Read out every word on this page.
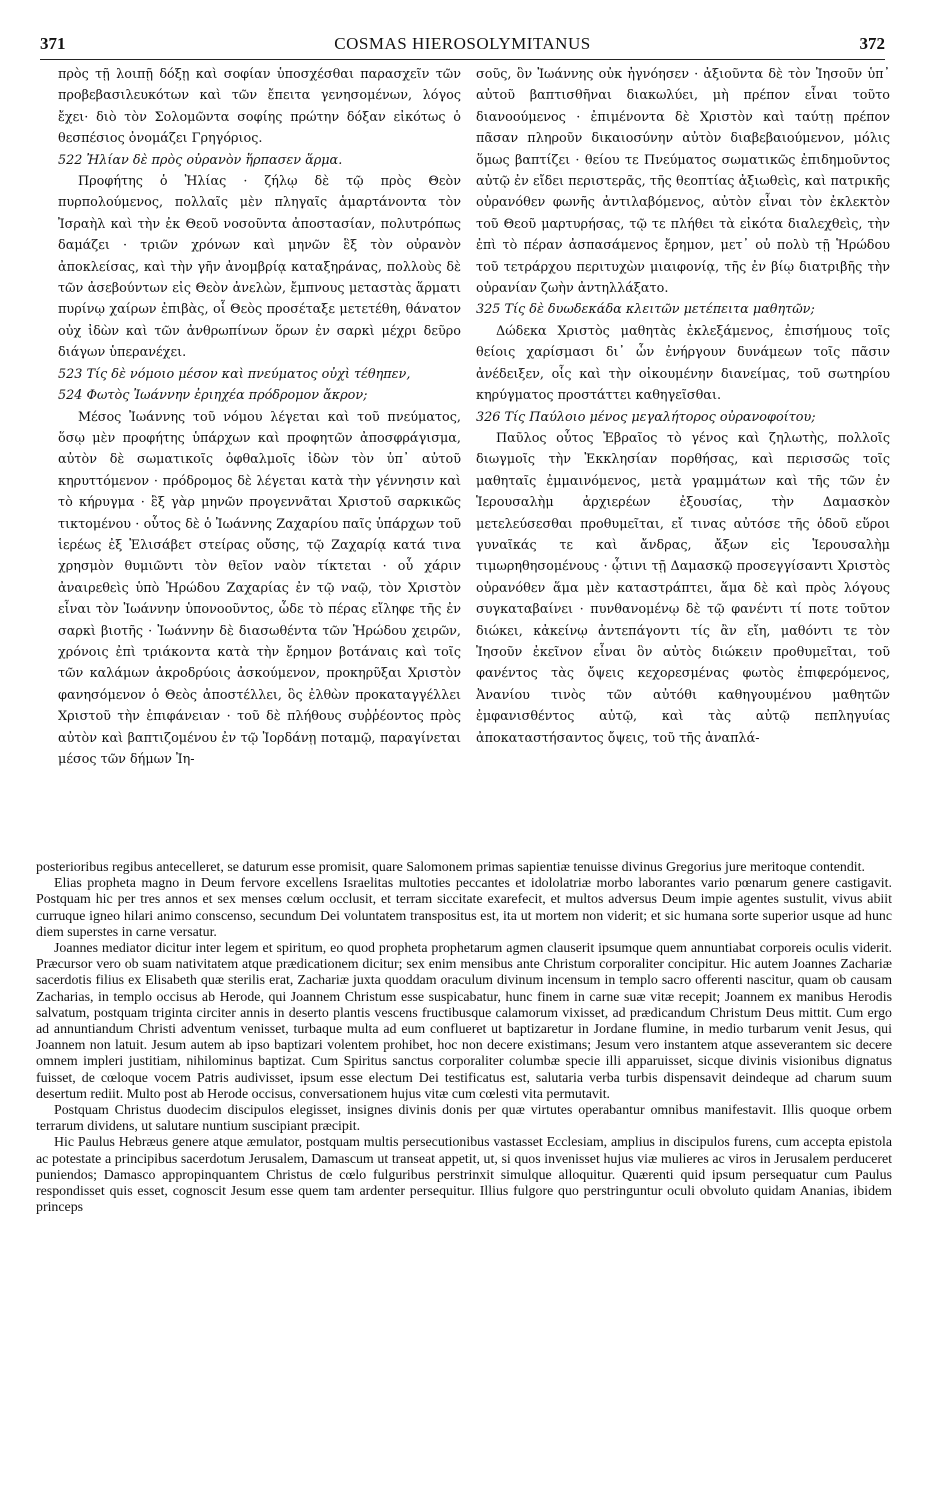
371	COSMAS HIEROSOLYMITANUS	372

πρὸς τῇ λοιπῇ δόξῃ καὶ σοφίαν ὑποσχέσθαι παρασχεῖν τῶν προβεβασιλευκότων καὶ τῶν ἔπειτα γενησομένων, λόγος ἔχει· διὸ τὸν Σολομῶντα σοφίης πρώτην δόξαν εἰκότως ὁ θεσπέσιος ὀνομάζει Γρηγόριος.

522 Ἠλίαν δὲ πρὸς οὐρανὸν ἥρπασεν ἅρμα.

Προφήτης ὁ Ἠλίας · ζήλῳ δὲ τῷ πρὸς Θεὸν πυρπολούμενος, πολλαῖς μὲν πληγαῖς ἁμαρτάνοντα τὸν Ἰσραὴλ καὶ τὴν ἐκ Θεοῦ νοσοῦντα ἀποστασίαν, πολυτρόπως δαμάζει · τριῶν χρόνων καὶ μηνῶν ἓξ τὸν οὐρανὸν ἀποκλείσας, καὶ τὴν γῆν ἀνομβρίᾳ καταξηράνας, πολλοὺς δὲ τῶν ἀσεβούντων εἰς Θεὸν ἀνελὼν, ἔμπνους μεταστὰς ἅρματι πυρίνῳ χαίρων ἐπιβὰς, οἷ Θεὸς προσέταξε μετετέθη, θάνατον οὐχ ἰδὼν καὶ τῶν ἀνθρωπίνων ὅρων ἐν σαρκὶ μέχρι δεῦρο διάγων ὑπερανέχει.

523 Τίς δὲ νόμοιο μέσον καὶ πνεύματος οὐχὶ τέθηπεν,

524 Φωτὸς Ἰωάννην ἐριηχέα πρόδρομον ἄκρον;

Μέσος Ἰωάννης τοῦ νόμου λέγεται καὶ τοῦ πνεύματος, ὅσῳ μὲν προφήτης ὑπάρχων καὶ προφητῶν ἀποσφράγισμα, αὐτὸν δὲ σωματικοῖς ὀφθαλμοῖς ἰδὼν τὸν ὑπ᾽ αὐτοῦ κηρυττόμενον · πρόδρομος δὲ λέγεται κατὰ τὴν γέννησιν καὶ τὸ κήρυγμα · ἓξ γὰρ μηνῶν προγεννᾶται Χριστοῦ σαρκικῶς τικτομένου · οὗτος δὲ ὁ Ἰωάννης Ζαχαρίου παῖς ὑπάρχων τοῦ ἱερέως ἐξ Ἐλισάβετ στείρας οὔσης, τῷ Ζαχαρίᾳ κατά τινα χρησμὸν θυμιῶντι τὸν θεῖον ναὸν τίκτεται · οὗ χάριν ἀναιρεθεὶς ὑπὸ Ἡρώδου Ζαχαρίας ἐν τῷ ναῷ, τὸν Χριστὸν εἶναι τὸν Ἰωάννην ὑπονοοῦντος, ὧδε τὸ πέρας εἴληφε τῆς ἐν σαρκὶ βιοτῆς · Ἰωάννην δὲ διασωθέντα τῶν Ἡρώδου χειρῶν, χρόνοις ἐπὶ τριάκοντα κατὰ τὴν ἔρημον βοτάναις καὶ τοῖς τῶν καλάμων ἀκροδρύοις ἀσκούμενον, προκηρῦξαι Χριστὸν φανησόμενον ὁ Θεὸς ἀποστέλλει, ὃς ἐλθὼν προκαταγγέλλει Χριστοῦ τὴν ἐπιφάνειαν · τοῦ δὲ πλήθους συῤῥέοντος πρὸς αὐτὸν καὶ βαπτιζομένου ἐν τῷ Ἰορδάνῃ ποταμῷ, παραγίνεται μέσος τῶν δήμων Ἰη-

σοῦς, ὃν Ἰωάννης οὐκ ἠγνόησεν · ἀξιοῦντα δὲ τὸν Ἰησοῦν ὑπ᾽ αὐτοῦ βαπτισθῆναι διακωλύει, μὴ πρέπον εἶναι τοῦτο διανοούμενος · ἐπιμένοντα δὲ Χριστὸν καὶ ταύτῃ πρέπον πᾶσαν πληροῦν δικαιοσύνην αὐτὸν διαβεβαιούμενον, μόλις ὅμως βαπτίζει · θείου τε Πνεύματος σωματικῶς ἐπιδημοῦντος αὐτῷ ἐν εἴδει περιστερᾶς, τῆς θεοπτίας ἀξιωθεὶς, καὶ πατρικῆς οὐρανόθεν φωνῆς ἀντιλαβόμενος, αὐτὸν εἶναι τὸν ἐκλεκτὸν τοῦ Θεοῦ μαρτυρήσας, τῷ τε πλήθει τὰ εἰκότα διαλεχθεὶς, τὴν ἐπὶ τὸ πέραν ἀσπασάμενος ἔρημον, μετ᾽ οὐ πολὺ τῇ Ἡρώδου τοῦ τετράρχου περιτυχὼν μιαιφονίᾳ, τῆς ἐν βίῳ διατριβῆς τὴν οὐρανίαν ζωὴν ἀντηλλάξατο.

325 Τίς δὲ δυωδεκάδα κλειτῶν μετέπειτα μαθητῶν;

Δώδεκα Χριστὸς μαθητὰς ἐκλεξάμενος, ἐπισήμους τοῖς θείοις χαρίσμασι δι᾽ ὧν ἐνήργουν δυνάμεων τοῖς πᾶσιν ἀνέδειξεν, οἷς καὶ τὴν οἰκουμένην διανείμας, τοῦ σωτηρίου κηρύγματος προστάττει καθηγεῖσθαι.

326 Τίς Παύλοιο μένος μεγαλήτορος οὐρανοφοίτου;

Παῦλος οὗτος Ἑβραῖος τὸ γένος καὶ ζηλωτὴς, πολλοῖς διωγμοῖς τὴν Ἐκκλησίαν πορθήσας, καὶ περισσῶς τοῖς μαθηταῖς ἐμμαινόμενος, μετὰ γραμμάτων καὶ τῆς τῶν ἐν Ἱερουσαλὴμ ἀρχιερέων ἐξουσίας, τὴν Δαμασκὸν μετελεύσεσθαι προθυμεῖται, εἴ τινας αὐτόσε τῆς ὁδοῦ εὕροι γυναῖκάς τε καὶ ἄνδρας, ἄξων εἰς Ἱερουσαλὴμ τιμωρηθησομένους · ᾧτινι τῇ Δαμασκῷ προσεγγίσαντι Χριστὸς οὐρανόθεν ἅμα μὲν καταστράπτει, ἅμα δὲ καὶ πρὸς λόγους συγκαταβαίνει · πυνθανομένῳ δὲ τῷ φανέντι τί ποτε τοῦτον διώκει, κἀκείνῳ ἀντεπάγοντι τίς ἂν εἴη, μαθόντι τε τὸν Ἰησοῦν ἐκεῖνον εἶναι ὃν αὐτὸς διώκειν προθυμεῖται, τοῦ φανέντος τὰς ὄψεις κεχορεσμένας φωτὸς ἐπιφερόμενος, Ἀνανίου τινὸς τῶν αὐτόθι καθηγουμένου μαθητῶν ἐμφανισθέντος αὐτῷ, καὶ τὰς αὐτῷ πεπληγυίας ἀποκαταστήσαντος ὄψεις, τοῦ τῆς ἀναπλά-

posterioribus regibus antecelleret, se daturum esse promisit, quare Salomonem primas sapientiæ tenuisse divinus Gregorius jure meritoque contendit.

Elias propheta magno in Deum fervore excellens Israelitas multoties peccantes et idololatriæ morbo laborantes vario pœnarum genere castigavit. Postquam hic per tres annos et sex menses cœlum occlusit, et terram siccitate exarefecit, et multos adversus Deum impie agentes sustulit, vivus abiit curruque igneo hilari animo conscenso, secundum Dei voluntatem transpositus est, ita ut mortem non viderit; et sic humana sorte superior usque ad hunc diem superstes in carne versatur.

Joannes mediator dicitur inter legem et spiritum, eo quod propheta prophetarum agmen clauserit ipsumque quem annuntiabat corporeis oculis viderit. Præcursor vero ob suam nativitatem atque prædicationem dicitur; sex enim mensibus ante Christum corporaliter concipitur. Hic autem Joannes Zachariæ sacerdotis filius ex Elisabeth quæ sterilis erat, Zachariæ juxta quoddam oraculum divinum incensum in templo sacro offerenti nascitur, quam ob causam Zacharias, in templo occisus ab Herode, qui Joannem Christum esse suspicabatur, hunc finem in carne suæ vitæ recepit; Joannem ex manibus Herodis salvatum, postquam triginta circiter annis in deserto plantis vescens fructibusque calamorum vixisset, ad prædicandum Christum Deus mittit. Cum ergo ad annuntiandum Christi adventum venisset, turbaque multa ad eum conflueret ut baptizaretur in Jordane flumine, in medio turbarum venit Jesus, qui Joannem non latuit. Jesum autem ab ipso baptizari volentem prohibet, hoc non decere existimans; Jesum vero instantem atque asseverantem sic decere omnem impleri justitiam, nihilominus baptizat. Cum Spiritus sanctus corporaliter columbæ specie illi apparuisset, sicque divinis visionibus dignatus fuisset, de cœloque vocem Patris audivisset, ipsum esse electum Dei testificatus est, salutaria verba turbis dispensavit deindeque ad charum suum desertum rediit. Multo post ab Herode occisus, conversationem hujus vitæ cum cœlesti vita permutavit.

Postquam Christus duodecim discipulos elegisset, insignes divinis donis per quæ virtutes operabantur omnibus manifestavit. Illis quoque orbem terrarum dividens, ut salutare nuntium suscipiant præcipit.

Hic Paulus Hebræus genere atque æmulator, postquam multis persecutionibus vastasset Ecclesiam, amplius in discipulos furens, cum accepta epistola ac potestate a principibus sacerdotum Jerusalem, Damascum ut transeat appetit, ut, si quos invenisset hujus viæ mulieres ac viros in Jerusalem perduceret puniendos; Damasco appropinquantem Christus de cœlo fulguribus perstrinxit simulque alloquitur. Quærenti quid ipsum persequatur cum Paulus respondisset quis esset, cognoscit Jesum esse quem tam ardenter persequitur. Illius fulgore quo perstringuntur oculi obvoluto quidam Ananias, ibidem princeps
